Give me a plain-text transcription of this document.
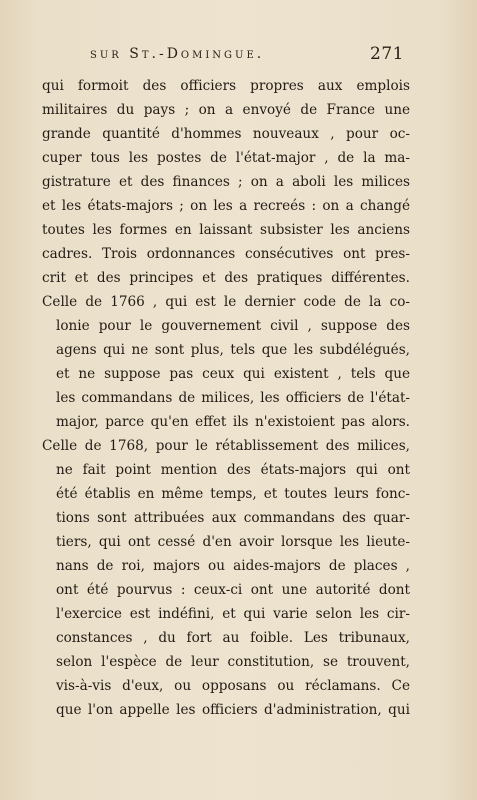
sur St.-Domingue.	271
qui formoit des officiers propres aux emplois
militaires du pays ; on a envoyé de France une
grande quantité d'hommes nouveaux , pour oc-
cuper tous les postes de l'état-major , de la ma-
gistrature et des finances ; on a aboli les milices
et les états-majors ; on les a recreés : on a changé
toutes les formes en laissant subsister les anciens
cadres. Trois ordonnances consécutives ont pres-
crit et des principes et des pratiques différentes.
Celle de 1766 , qui est le dernier code de la co-
lonie pour le gouvernement civil , suppose des
agens qui ne sont plus, tels que les subdélégués,
et ne suppose pas ceux qui existent , tels que
les commandans de milices, les officiers de l'état-
major, parce qu'en effet ils n'existoient pas alors.
Celle de 1768, pour le rétablissement des milices,
ne fait point mention des états-majors qui ont
été établis en même temps, et toutes leurs fonc-
tions sont attribuées aux commandans des quar-
tiers, qui ont cessé d'en avoir lorsque les lieute-
nans de roi, majors ou aides-majors de places ,
ont été pourvus : ceux-ci ont une autorité dont
l'exercice est indéfini, et qui varie selon les cir-
constances , du fort au foible. Les tribunaux,
selon l'espèce de leur constitution, se trouvent,
vis-à-vis d'eux, ou opposans ou réclamans. Ce
que l'on appelle les officiers d'administration, qui
